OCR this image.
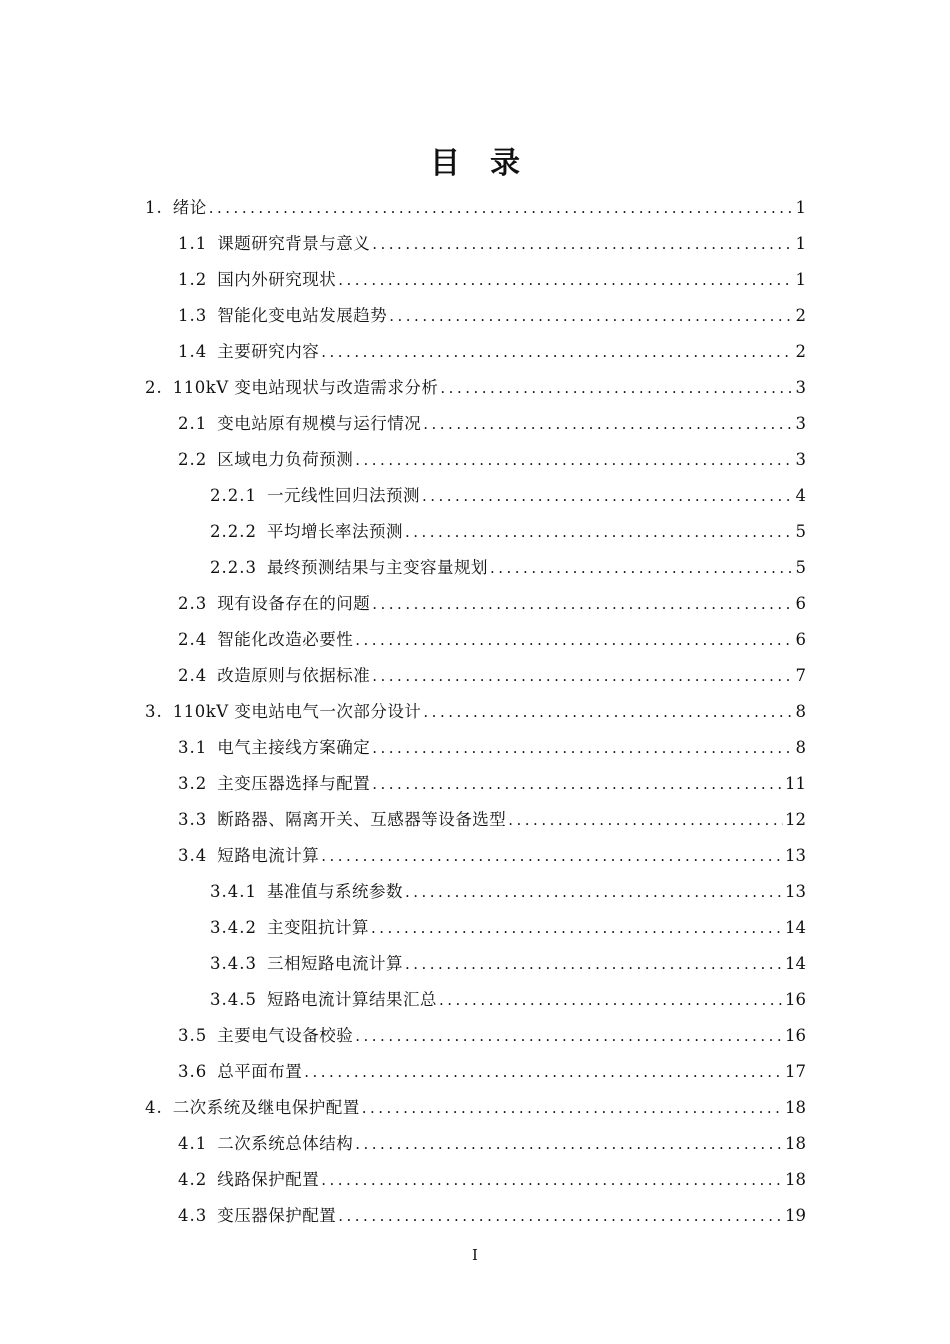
目 录
1. 绪论 .....	1
1.1 课题研究背景与意义 .....	1
1.2 国内外研究现状 .....	1
1.3 智能化变电站发展趋势 .....	2
1.4 主要研究内容 .....	2
2. 110kV 变电站现状与改造需求分析 .....	3
2.1 变电站原有规模与运行情况 .....	3
2.2 区域电力负荷预测 .....	3
2.2.1 一元线性回归法预测 .....	4
2.2.2 平均增长率法预测 .....	5
2.2.3 最终预测结果与主变容量规划 .....	5
2.3 现有设备存在的问题 .....	6
2.4 智能化改造必要性 .....	6
2.4 改造原则与依据标准 .....	7
3. 110kV 变电站电气一次部分设计 .....	8
3.1 电气主接线方案确定 .....	8
3.2 主变压器选择与配置 .....	11
3.3 断路器、隔离开关、互感器等设备选型 .....	12
3.4 短路电流计算 .....	13
3.4.1 基准值与系统参数 .....	13
3.4.2 主变阻抗计算 .....	14
3.4.3 三相短路电流计算 .....	14
3.4.5 短路电流计算结果汇总 .....	16
3.5 主要电气设备校验 .....	16
3.6 总平面布置 .....	17
4. 二次系统及继电保护配置 .....	18
4.1 二次系统总体结构 .....	18
4.2 线路保护配置 .....	18
4.3 变压器保护配置 .....	19
I
